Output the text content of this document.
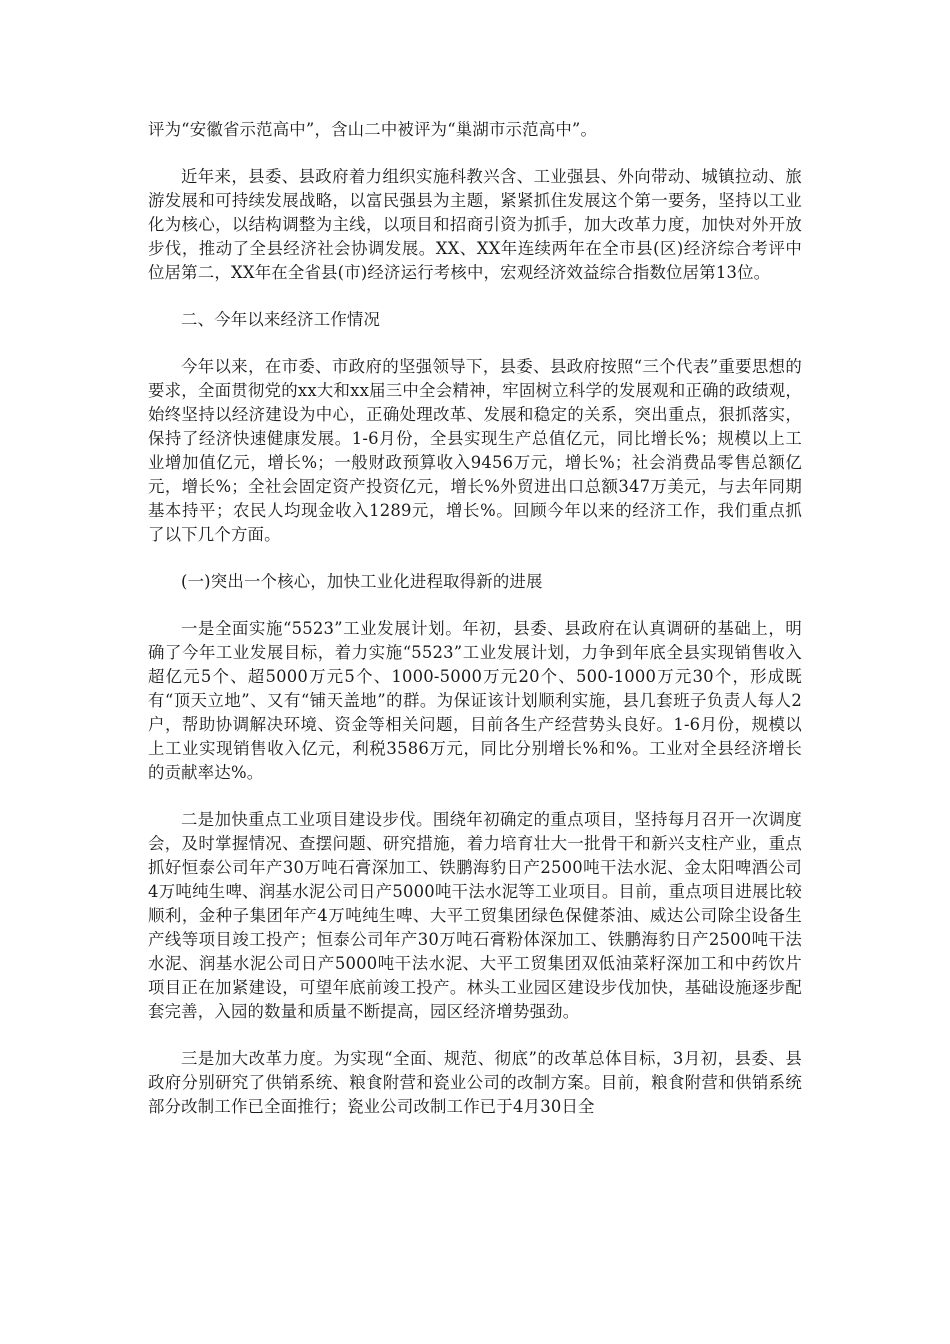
评为“安徽省示范高中”，含山二中被评为“巢湖市示范高中”。

近年来，县委、县政府着力组织实施科教兴含、工业强县、外向带动、城镇拉动、旅游发展和可持续发展战略，以富民强县为主题，紧紧抓住发展这个第一要务，坚持以工业化为核心，以结构调整为主线，以项目和招商引资为抓手，加大改革力度，加快对外开放步伐，推动了全县经济社会协调发展。XX、XX年连续两年在全市县(区)经济综合考评中位居第二，XX年在全省县(市)经济运行考核中，宏观经济效益综合指数位居第13位。

二、今年以来经济工作情况

今年以来，在市委、市政府的坚强领导下，县委、县政府按照“三个代表”重要思想的要求，全面贯彻党的xx大和xx届三中全会精神，牢固树立科学的发展观和正确的政绩观，始终坚持以经济建设为中心，正确处理改革、发展和稳定的关系，突出重点，狠抓落实，保持了经济快速健康发展。1-6月份，全县实现生产总值亿元，同比增长%；规模以上工业增加值亿元，增长%；一般财政预算收入9456万元，增长%；社会消费品零售总额亿元，增长%；全社会固定资产投资亿元，增长%外贸进出口总额347万美元，与去年同期基本持平；农民人均现金收入1289元，增长%。回顾今年以来的经济工作，我们重点抓了以下几个方面。

(一)突出一个核心，加快工业化进程取得新的进展

一是全面实施“5523”工业发展计划。年初，县委、县政府在认真调研的基础上，明确了今年工业发展目标，着力实施“5523”工业发展计划，力争到年底全县实现销售收入超亿元5个、超5000万元5个、1000-5000万元20个、500-1000万元30个，形成既有“顶天立地”、又有“铺天盖地”的群。为保证该计划顺利实施，县几套班子负责人每人2户，帮助协调解决环境、资金等相关问题，目前各生产经营势头良好。1-6月份，规模以上工业实现销售收入亿元，利税3586万元，同比分别增长%和%。工业对全县经济增长的贡献率达%。

二是加快重点工业项目建设步伐。围绕年初确定的重点项目，坚持每月召开一次调度会，及时掌握情况、查摆问题、研究措施，着力培育壮大一批骨干和新兴支柱产业，重点抓好恒泰公司年产30万吨石膏深加工、铁鹏海豹日产2500吨干法水泥、金太阳啤酒公司4万吨纯生啤、润基水泥公司日产5000吨干法水泥等工业项目。目前，重点项目进展比较顺利，金种子集团年产4万吨纯生啤、大平工贸集团绿色保健茶油、威达公司除尘设备生产线等项目竣工投产；恒泰公司年产30万吨石膏粉体深加工、铁鹏海豹日产2500吨干法水泥、润基水泥公司日产5000吨干法水泥、大平工贸集团双低油菜籽深加工和中药饮片项目正在加紧建设，可望年底前竣工投产。林头工业园区建设步伐加快，基础设施逐步配套完善，入园的数量和质量不断提高，园区经济增势强劲。

三是加大改革力度。为实现“全面、规范、彻底”的改革总体目标，3月初，县委、县政府分别研究了供销系统、粮食附营和瓷业公司的改制方案。目前，粮食附营和供销系统部分改制工作已全面推行；瓷业公司改制工作已于4月30日全
